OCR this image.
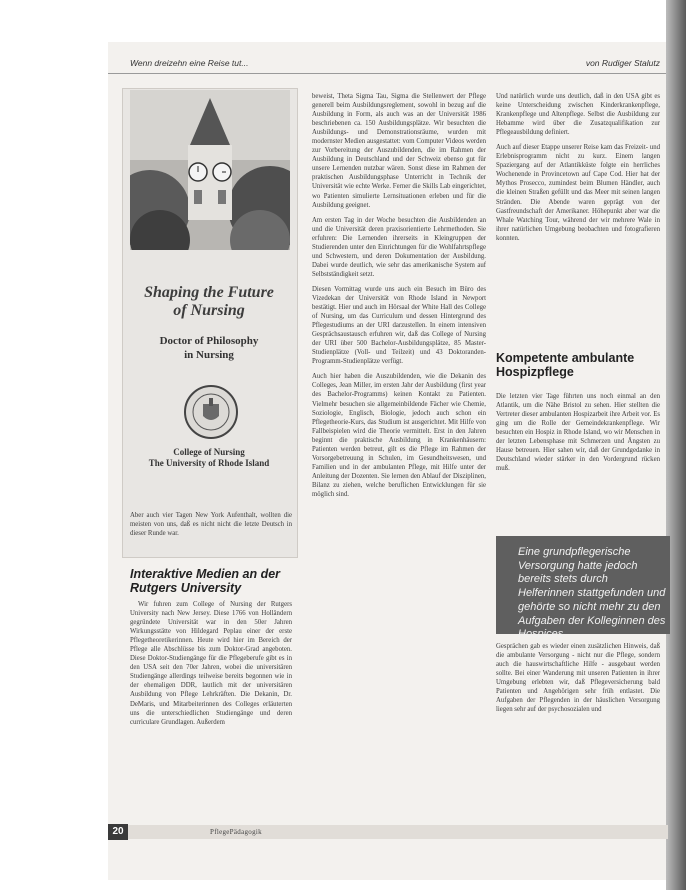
Wenn dreizehn eine Reise tut...	von Rudiger Stalutz
Shaping the Future
of Nursing
Doctor of Philosophy
in Nursing
College of Nursing
The University of Rhode Island

Aber auch vier Tagen New York Aufenthalt, wollten die meisten von uns, daß es nicht nicht die letzte Deutsch in dieser Runde war.

Interaktive Medien an der Rutgers University

Wir fuhren zum College of Nursing der Rutgers University nach New Jersey. Diese 1766 von Holländern gegründete Universität war in den 50er Jahren Wirkungsstätte von Hildegard Peplau einer der erste Pflegetheoretikerinnen. Heute wird hier im Bereich der Pflege alle Abschlüsse bis zum Doktor-Grad angeboten. Diese Doktor-Studiengänge für die Pflegeberufe gibt es in den USA seit den 70er Jahren, wobei die universitären Studiengänge allerdings teilweise bereits begonnen wie in der ehemaligen DDR, lautlich mit der universitären Ausbildung von Pflege Lehrkräften. Die Dekanin, Dr. DeMaris, und Mitarbeiterinnen des Colleges erläuterten uns die unterschiedlichen Studiengänge und deren curriculare Grundlagen. Außerdem

beweist, Theta Sigma Tau, Sigma die Stellenwert der Pflege generell beim Ausbildungsreglement, sowohl in bezug auf die Ausbildung in Form, als auch was an der Universität 1986 beschriebenen ca. 150 Ausbildungsplätze. Wir besuchten die Ausbildungs- und Demonstrationsräume, wurden mit modernster Medien ausgestattet: vom Computer Videos werden zur Vorbereitung der Auszubildenden, die im Rahmen der Ausbildung in Deutschland und der Schweiz ebenso gut für unsere Lernenden nutzbar wären. Sonst diese im Rahmen der praktischen Ausbildungsphase Unterricht in Technik der Universität wie echte Werke. Ferner die Skills Lab eingerichtet, wo Patienten simulierte Lernsituationen erleben und für die Ausbildung geeignet.

Am ersten Tag in der Woche besuchten die Ausbildenden an und die Universität deren praxisorientierte Lehrmethoden. Sie erfuhren: Die Lernenden ihrerseits in Kleingruppen der Studierenden unter den Einrichtungen für die Wohlfahrtspflege und Schwestern, und deren Dokumentation der Ausbildung. Dabei wurde deutlich, wie sehr das amerikanische System auf Selbstständigkeit setzt.

Diesen Vormittag wurde uns auch ein Besuch im Büro des Vizedekan der Universität von Rhode Island in Newport bestätigt. Hier und auch im Hörsaal der White Hall des College of Nursing, um das Curriculum und dessen Hintergrund des Pflegestudiums an der URI darzustellen. In einem intensiven Gesprächsaustausch erfuhren wir, daß das College of Nursing der URI über 500 Bachelor-Ausbildungsplätze, 85 Master-Studienplätze (Voll- und Teilzeit) und 43 Doktoranden-Programm-Studienplätze verfügt.

Auch hier haben die Auszubildenden, wie die Dekanin des Colleges, Jean Miller, im ersten Jahr der Ausbildung (first year des Bachelor-Programms) keinen Kontakt zu Patienten. Vielmehr besuchen sie allgemeinbildende Fächer wie Chemie, Soziologie, Englisch, Biologie, jedoch auch schon ein Pflegetheorie-Kurs, das Studium ist ausgerichtet. Mit Hilfe von Fallbeispielen wird die Theorie vermittelt. Erst in den Jahren beginnt die praktische Ausbildung in Krankenhäusern: Patienten werden betreut, gilt es die Pflege im Rahmen der Vorsorgebetreuung in Schulen, im Gesundheitswesen, und Familien und in der ambulanten Pflege, mit Hilfe unter der Anleitung der Dozenten. Sie lernen den Ablauf der Disziplinen, Bilanz zu ziehen, welche beruflichen Entwicklungen für sie möglich sind.

Und natürlich wurde uns deutlich, daß in den USA gibt es keine Unterscheidung zwischen Kinderkrankenpflege, Krankenpflege und Altenpflege. Selbst die Ausbildung zur Hebamme wird über die Zusatzqualifikation zur Pflegeausbildung definiert.

Auch auf dieser Etappe unserer Reise kam das Freizeit- und Erlebnisprogramm nicht zu kurz. Einem langen Spaziergang auf der Atlantikküste folgte ein herrliches Wochenende in Provincetown auf Cape Cod. Hier hat der Mythos Prosecco, zumindest beim Blumen Händler, auch die kleinen Straßen gefüllt und das Meer mit seinen langen Stränden. Die Abende waren geprägt von der Gastfreundschaft der Amerikaner. Höhepunkt aber war die Whale Watching Tour, während der wir mehrere Wale in ihrer natürlichen Umgebung beobachten und fotografieren konnten.

Kompetente ambulante Hospizpflege

Die letzten vier Tage führten uns noch einmal an den Atlantik, um die Nähe Bristol zu sehen. Hier stellten die Vertreter dieser ambulanten Hospizarbeit ihre Arbeit vor. Es ging um die Rolle der Gemeindekrankenpflege. Wir besuchten ein Hospiz in Rhode Island, wo wir Menschen in der letzten Lebensphase mit Schmerzen und Ängsten zu Hause betreuen. Hier sahen wir, daß der Grundgedanke in Deutschland wieder stärker in den Vordergrund rücken muß.

Eine grundpflegerische Versorgung hatte jedoch bereits stets durch Helferinnen stattgefunden und gehörte so nicht mehr zu den Aufgaben der Kolleginnen des Hospices

Gesprächen gab es wieder einen zusätzlichen Hinweis, daß die ambulante Versorgung - nicht nur die Pflege, sondern auch die hauswirtschaftliche Hilfe - ausgebaut werden sollte. Bei einer Wanderung mit unseren Patienten in ihrer Umgebung erlebten wir, daß Pflegeversicherung bald Patienten und Angehörigen sehr früh entlastet. Die Aufgaben der Pflegenden in der häuslichen Versorgung liegen sehr auf der psychosozialen und

20	PflegePädagogik
